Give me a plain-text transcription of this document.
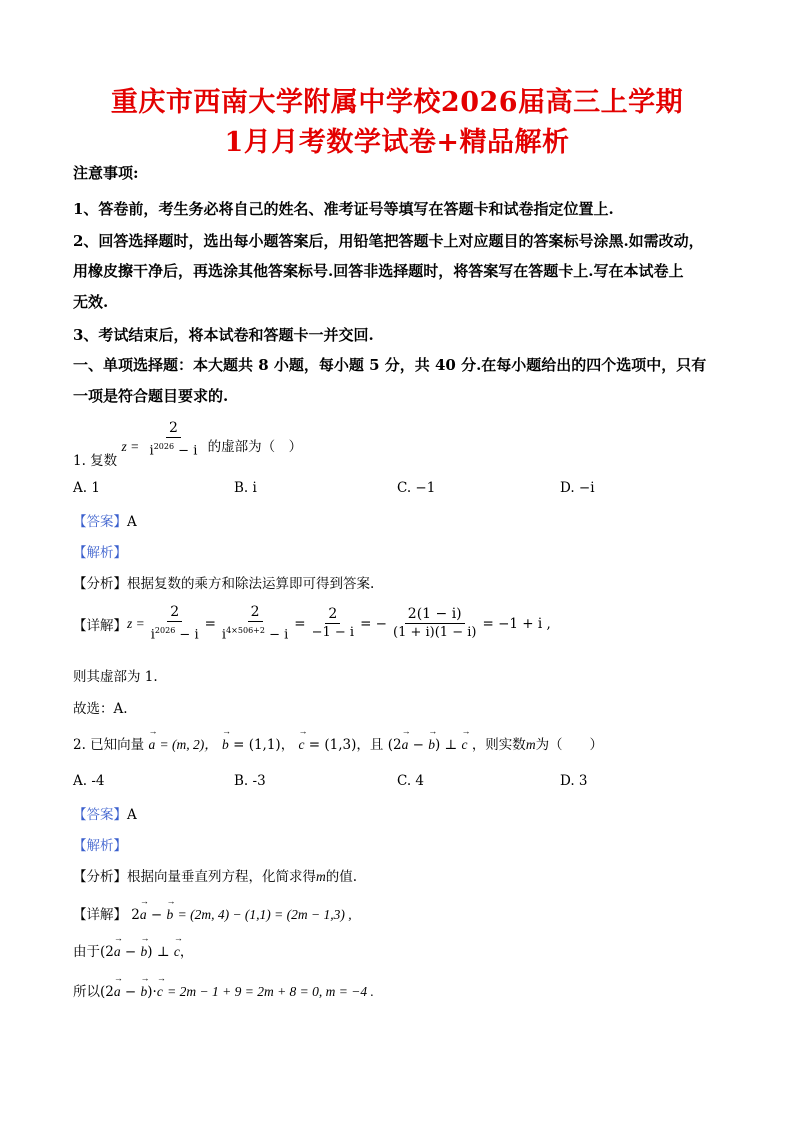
重庆市西南大学附属中学校2026届高三上学期
1月月考数学试卷+精品解析
注意事项:
1、答卷前，考生务必将自己的姓名、准考证号等填写在答题卡和试卷指定位置上.
2、回答选择题时，选出每小题答案后，用铅笔把答题卡上对应题目的答案标号涂黑.如需改动，
用橡皮擦干净后，再选涂其他答案标号.回答非选择题时，将答案写在答题卡上.写在本试卷上
无效.
3、考试结束后，将本试卷和答题卡一并交回.
一、单项选择题：本大题共 8 小题，每小题 5 分，共 40 分.在每小题给出的四个选项中，只有
一项是符合题目要求的.
1. 复数 $z = \frac{2}{i^{2026} - i}$ 的虚部为（　）
A. 1	B. i	C. −1	D. −i
【答案】A
【解析】
【分析】根据复数的乘方和除法运算即可得到答案.
【详解】 $z = \frac{2}{i^{2026} - i} = \frac{2}{i^{4\times 506+2} - i} = \frac{2}{-1 - i}$ = − $\frac{2(1 - i)}{(1 + i)(1 - i)} = -1 + i$ ,
则其虚部为 1.
故选：A.
2. 已知向量 → a = (m, 2)， → b = (1,1)， → c = (1,3)，且 (2→ a − → b) ⊥ → c ，则实数m为（　　）
A. -4	B. -3	C. 4	D. 3
【答案】A
【解析】
【分析】根据向量垂直列方程，化简求得m的值.
【详解】 2→ a − → b = (2m, 4) − (1,1) = (2m − 1,3) ,
由于(2→ a − → b) ⊥ → c，
所以(2→ a − → b)·→ c = 2m − 1 + 9 = 2m + 8 = 0, m = −4 .
